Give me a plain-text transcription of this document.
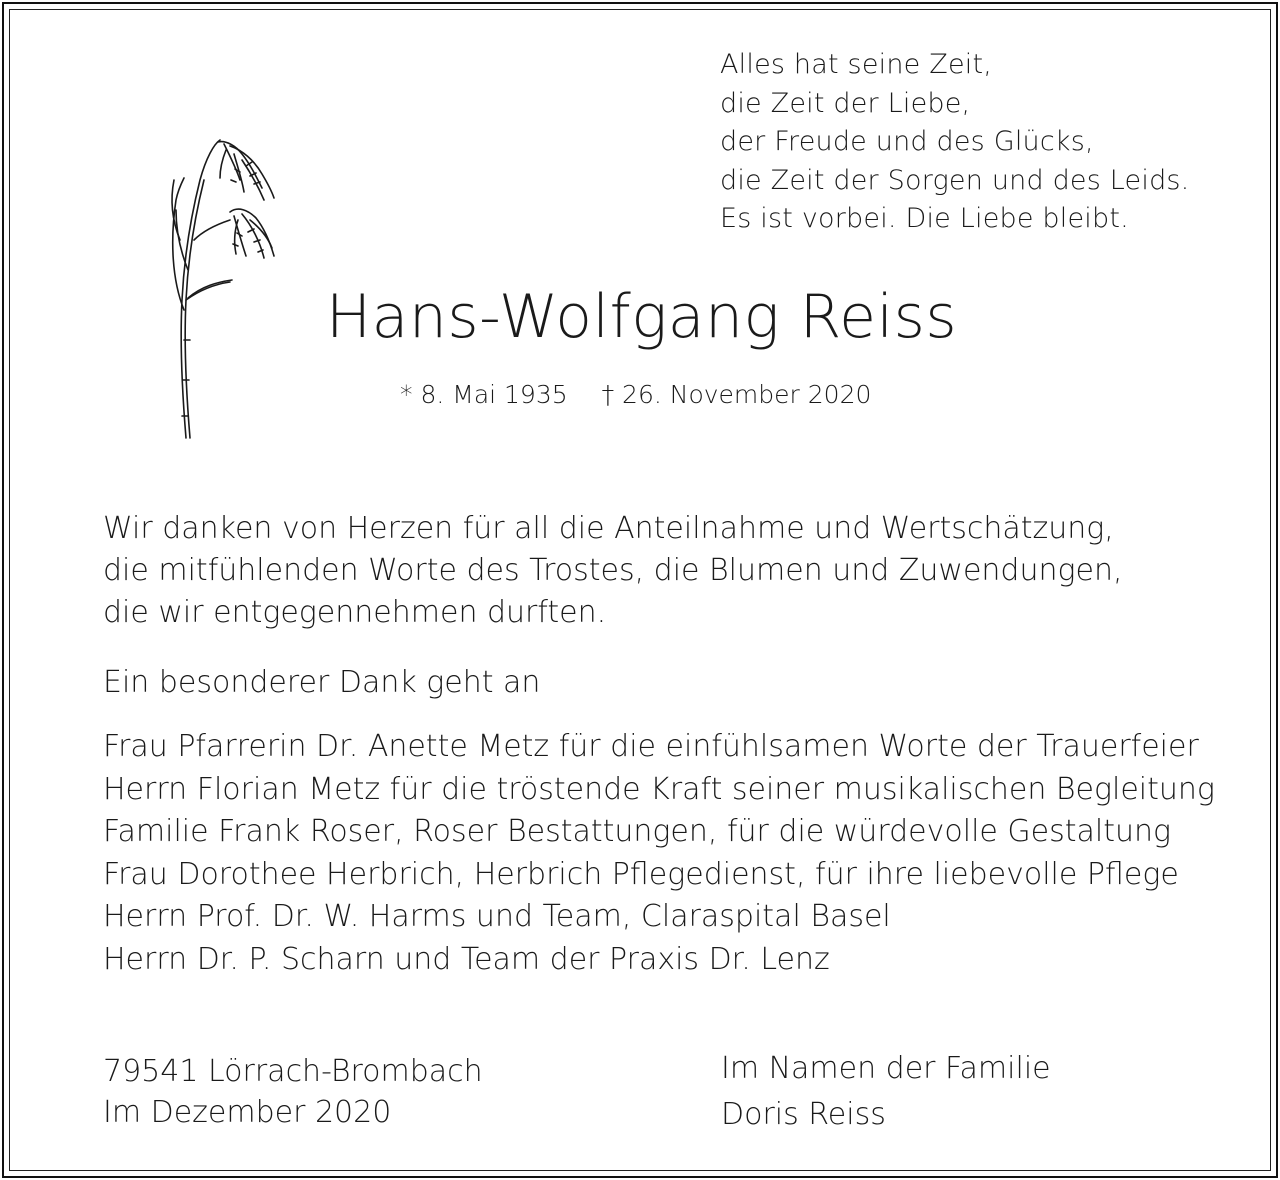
Alles hat seine Zeit,
die Zeit der Liebe,
der Freude und des Glücks,
die Zeit der Sorgen und des Leids.
Es ist vorbei. Die Liebe bleibt.
Hans-Wolfgang Reiss
* 8. Mai 1935 † 26. November 2020
Wir danken von Herzen für all die Anteilnahme und Wertschätzung,
die mitfühlenden Worte des Trostes, die Blumen und Zuwendungen,
die wir entgegennehmen durften.
Ein besonderer Dank geht an
Frau Pfarrerin Dr. Anette Metz für die einfühlsamen Worte der Trauerfeier
Herrn Florian Metz für die tröstende Kraft seiner musikalischen Begleitung
Familie Frank Roser, Roser Bestattungen, für die würdevolle Gestaltung
Frau Dorothee Herbrich, Herbrich Pflegedienst, für ihre liebevolle Pflege
Herrn Prof. Dr. W. Harms und Team, Claraspital Basel
Herrn Dr. P. Scharn und Team der Praxis Dr. Lenz
79541 Lörrach-Brombach
Im Dezember 2020
Im Namen der Familie
Doris Reiss
